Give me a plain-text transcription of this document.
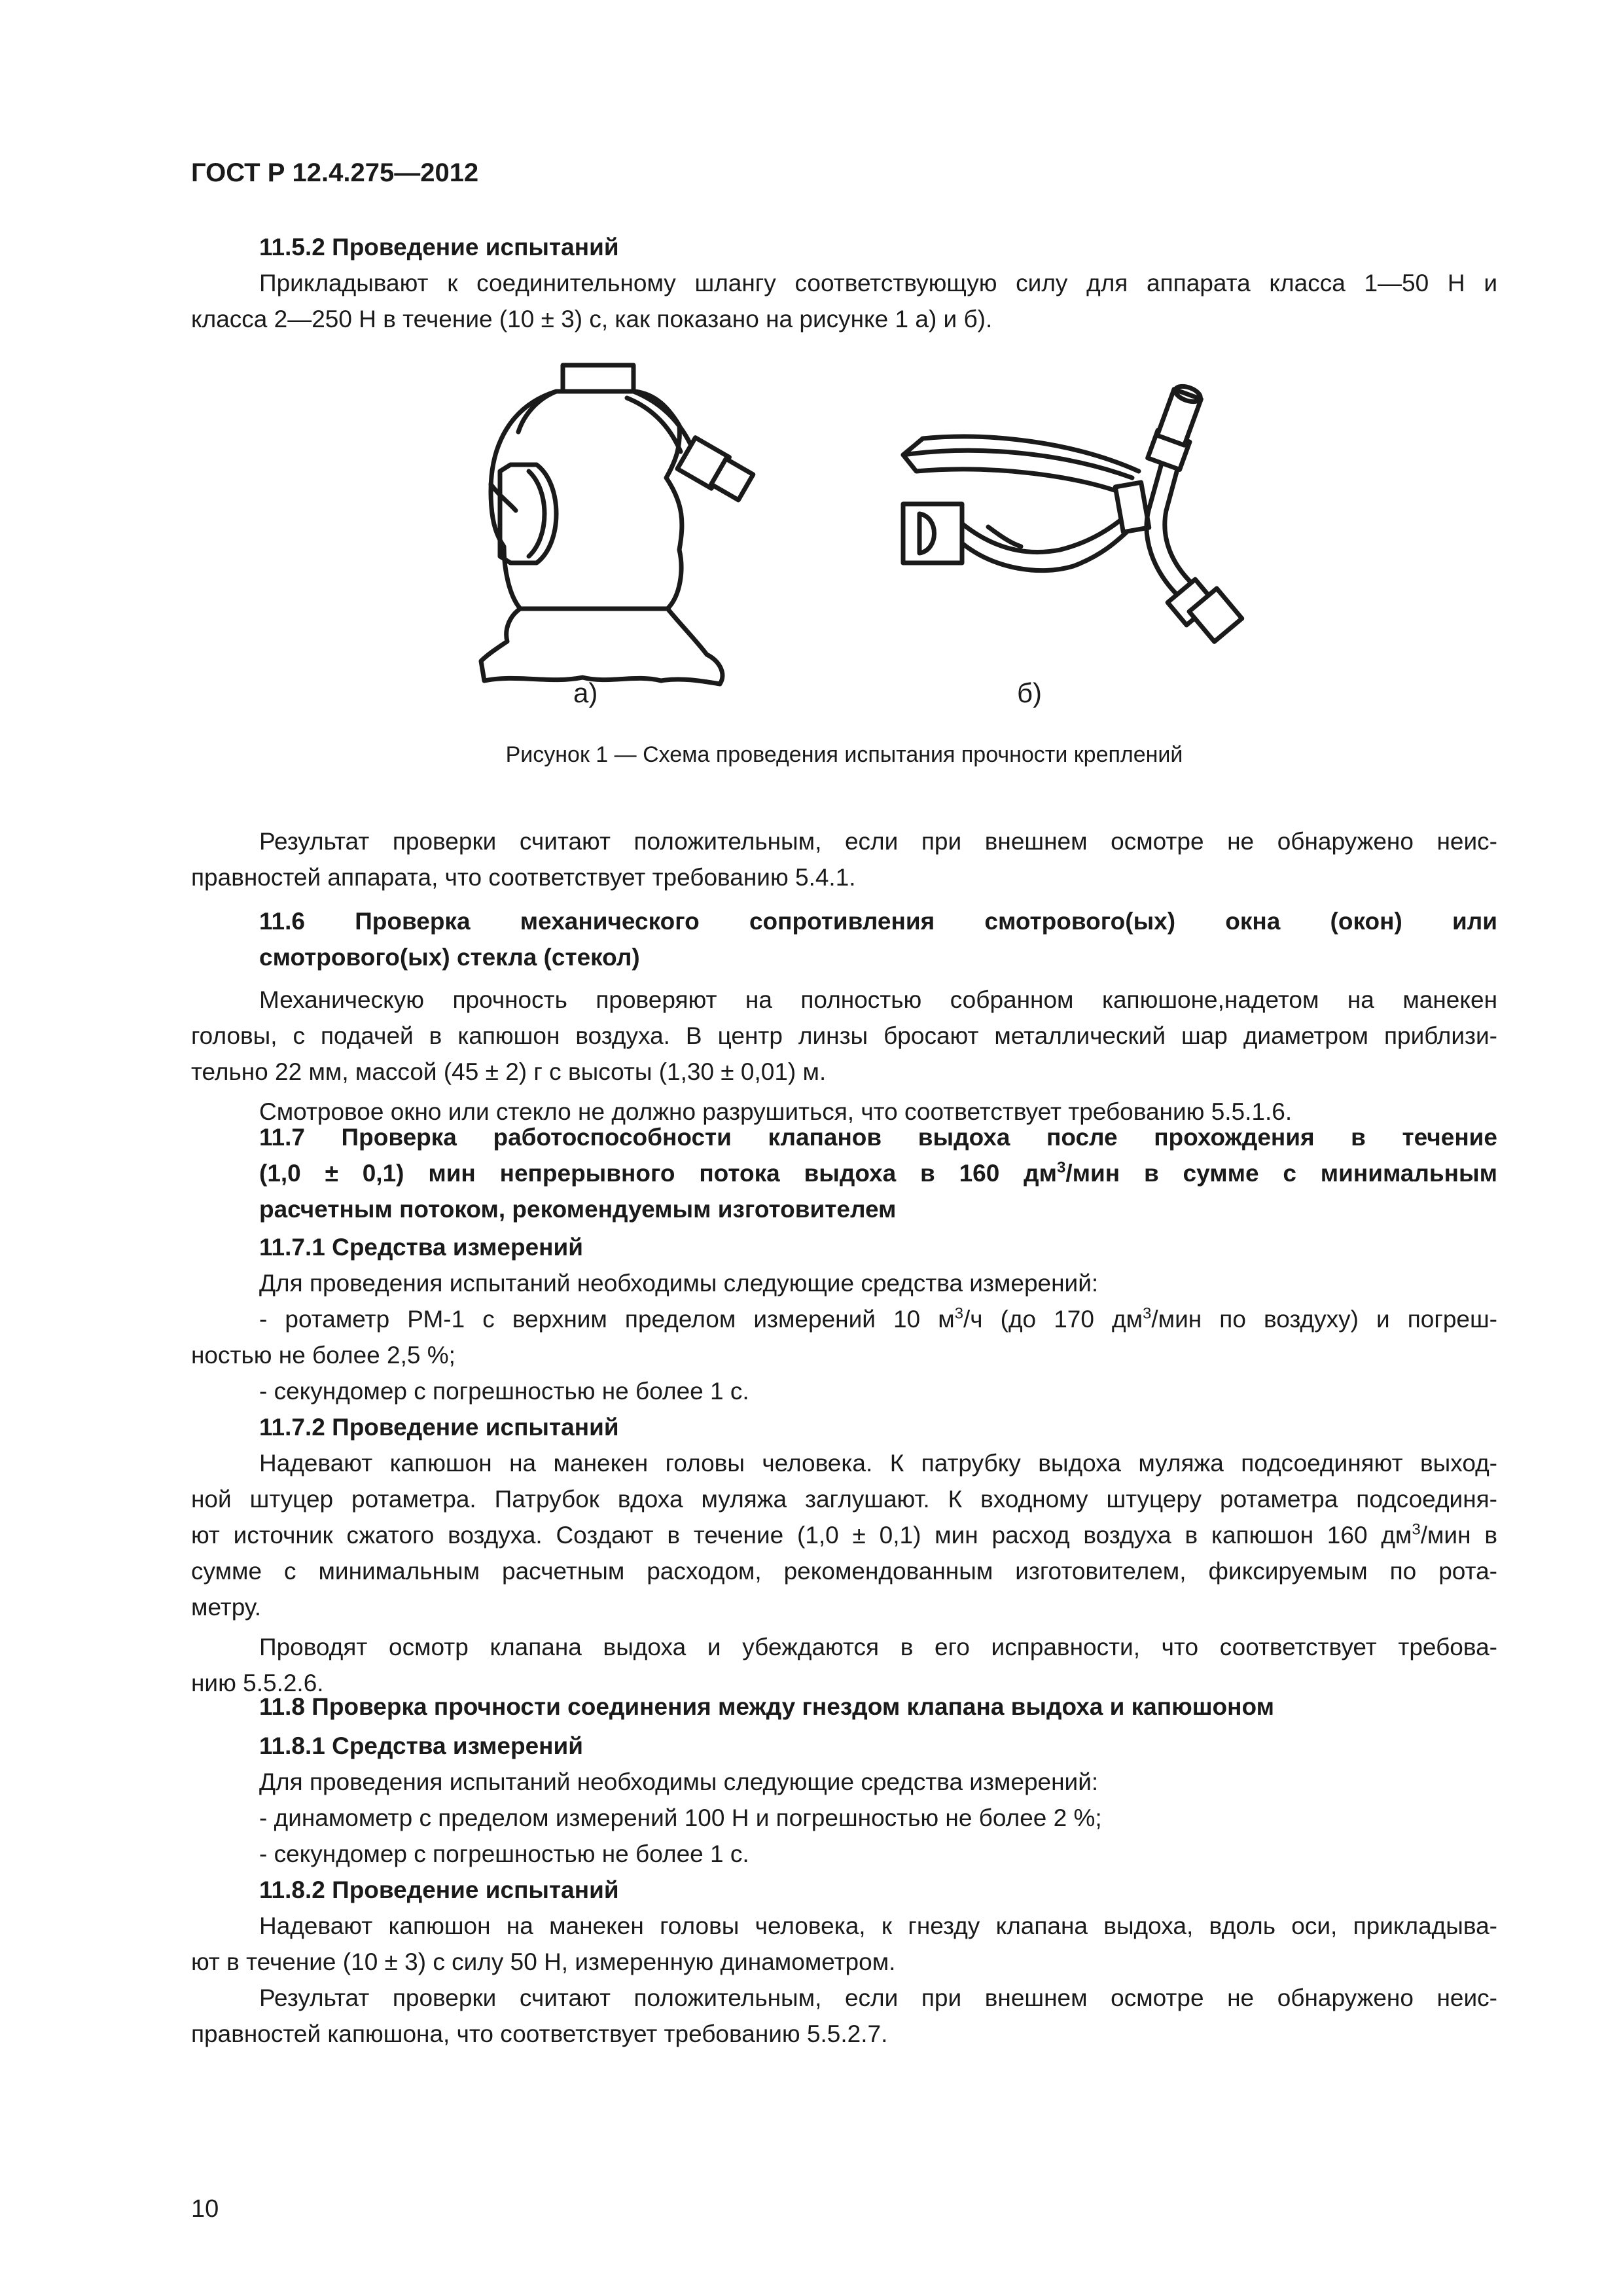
ГОСТ Р 12.4.275—2012

11.5.2 Проведение испытаний

Прикладывают к соединительному шлангу соответствующую силу для аппарата класса 1—50 Н и

класса 2—250 Н в течение (10 ± 3) с, как показано на рисунке 1 а) и б).

а)	б)
Рисунок 1 — Схема проведения испытания прочности креплений

Результат проверки считают положительным, если при внешнем осмотре не обнаружено неис-

правностей аппарата, что соответствует требованию 5.4.1.

11.6 Проверка механического сопротивления смотрового(ых) окна (окон) или

смотрового(ых) стекла (стекол)

Механическую прочность проверяют на полностью собранном капюшоне,надетом на манекен

головы, с подачей в капюшон воздуха. В центр линзы бросают металлический шар диаметром приблизи-

тельно 22 мм, массой (45 ± 2) г с высоты (1,30 ± 0,01) м.

Смотровое окно или стекло не должно разрушиться, что соответствует требованию 5.5.1.6.

11.7 Проверка работоспособности клапанов выдоха после прохождения в течение

(1,0 ± 0,1) мин непрерывного потока выдоха в 160 $дм^3$/мин в сумме с минимальным

расчетным потоком, рекомендуемым изготовителем

11.7.1 Средства измерений

Для проведения испытаний необходимы следующие средства измерений:

- ротаметр РМ-1 с верхним пределом измерений 10 $м^3/ч$ (до 170 $дм^3$/мин по воздуху) и погреш-

ностью не более 2,5 %;

- секундомер с погрешностью не более 1 с.

11.7.2 Проведение испытаний

Надевают капюшон на манекен головы человека. К патрубку выдоха муляжа подсоединяют выход-

ной штуцер ротаметра. Патрубок вдоха муляжа заглушают. К входному штуцеру ротаметра подсоединя-

ют источник сжатого воздуха. Создают в течение (1,0 ± 0,1) мин расход воздуха в капюшон 160 $дм^3$/мин в

сумме с минимальным расчетным расходом, рекомендованным изготовителем, фиксируемым по рота-

метру.

Проводят осмотр клапана выдоха и убеждаются в его исправности, что соответствует требова-

нию 5.5.2.6.

11.8 Проверка прочности соединения между гнездом клапана выдоха и капюшоном

11.8.1 Средства измерений

Для проведения испытаний необходимы следующие средства измерений:

- динамометр с пределом измерений 100 Н и погрешностью не более 2 %;

- секундомер с погрешностью не более 1 с.

11.8.2 Проведение испытаний

Надевают капюшон на манекен головы человека, к гнезду клапана выдоха, вдоль оси, прикладыва-

ют в течение (10 ± 3) с силу 50 Н, измеренную динамометром.

Результат проверки считают положительным, если при внешнем осмотре не обнаружено неис-

правностей капюшона, что соответствует требованию 5.5.2.7.

10
